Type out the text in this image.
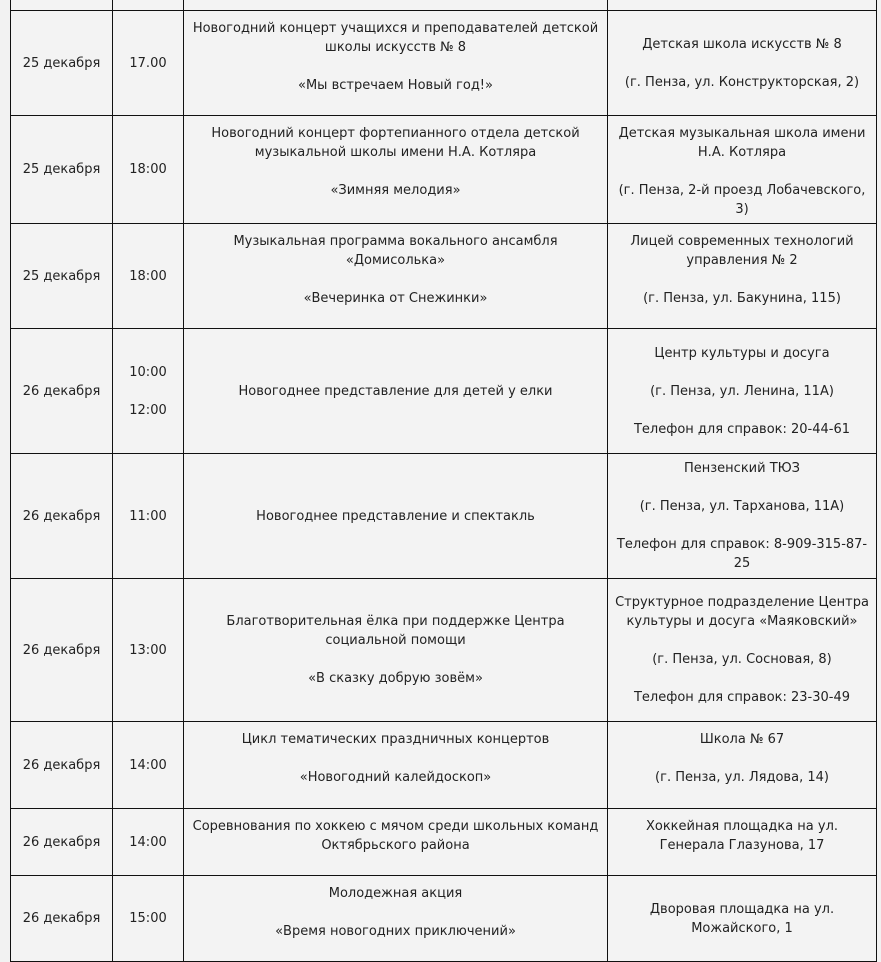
25 декабря	17.00	Новогодний концерт учащихся и преподавателей детской школы искусств № 8
«Мы встречаем Новый год!»	Детская школа искусств № 8
(г. Пенза, ул. Конструкторская, 2)

25 декабря	18:00	Новогодний концерт фортепианного отдела детской музыкальной школы имени Н.А. Котляра
«Зимняя мелодия»	Детская музыкальная школа имени Н.А. Котляра
(г. Пенза, 2-й проезд Лобачевского, 3)

25 декабря	18:00	Музыкальная программа вокального ансамбля «Домисолька»
«Вечеринка от Снежинки»	Лицей современных технологий управления № 2
(г. Пенза, ул. Бакунина, 115)

26 декабря	10:00
12:00	Новогоднее представление для детей у елки	Центр культуры и досуга
(г. Пенза, ул. Ленина, 11А)
Телефон для справок: 20-44-61

26 декабря	11:00	Новогоднее представление и спектакль	Пензенский ТЮЗ
(г. Пенза, ул. Тарханова, 11А)
Телефон для справок: 8-909-315-87-25

26 декабря	13:00	Благотворительная ёлка при поддержке Центра социальной помощи
«В сказку добрую зовём»	Структурное подразделение Центра культуры и досуга «Маяковский»
(г. Пенза, ул. Сосновая, 8)
Телефон для справок: 23-30-49

26 декабря	14:00	Цикл тематических праздничных концертов
«Новогодний калейдоскоп»	Школа № 67
(г. Пенза, ул. Лядова, 14)

26 декабря	14:00	Соревнования по хоккею с мячом среди школьных команд Октябрьского района	Хоккейная площадка на ул. Генерала Глазунова, 17

26 декабря	15:00	Молодежная акция
«Время новогодних приключений»	Дворовая площадка на ул. Можайского, 1
